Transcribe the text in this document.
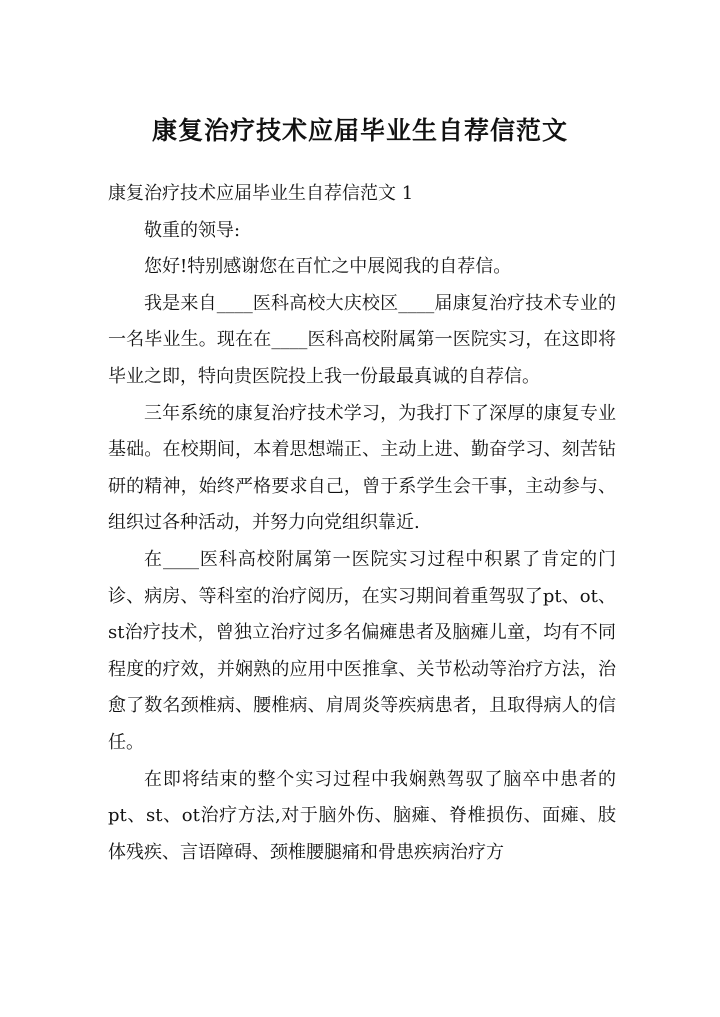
康复治疗技术应届毕业生自荐信范文

康复治疗技术应届毕业生自荐信范文 1

敬重的领导:

您好!特别感谢您在百忙之中展阅我的自荐信。

我是来自____医科高校大庆校区____届康复治疗技术专业的一名毕业生。现在在____医科高校附属第一医院实习，在这即将毕业之即，特向贵医院投上我一份最最真诚的自荐信。

三年系统的康复治疗技术学习，为我打下了深厚的康复专业基础。在校期间，本着思想端正、主动上进、勤奋学习、刻苦钻研的精神，始终严格要求自己，曾于系学生会干事，主动参与、组织过各种活动，并努力向党组织靠近.

在____医科高校附属第一医院实习过程中积累了肯定的门诊、病房、等科室的治疗阅历，在实习期间着重驾驭了pt、ot、st治疗技术，曾独立治疗过多名偏瘫患者及脑瘫儿童，均有不同程度的疗效，并娴熟的应用中医推拿、关节松动等治疗方法，治愈了数名颈椎病、腰椎病、肩周炎等疾病患者，且取得病人的信任。

在即将结束的整个实习过程中我娴熟驾驭了脑卒中患者的pt、st、ot治疗方法,对于脑外伤、脑瘫、脊椎损伤、面瘫、肢体残疾、言语障碍、颈椎腰腿痛和骨患疾病治疗方
